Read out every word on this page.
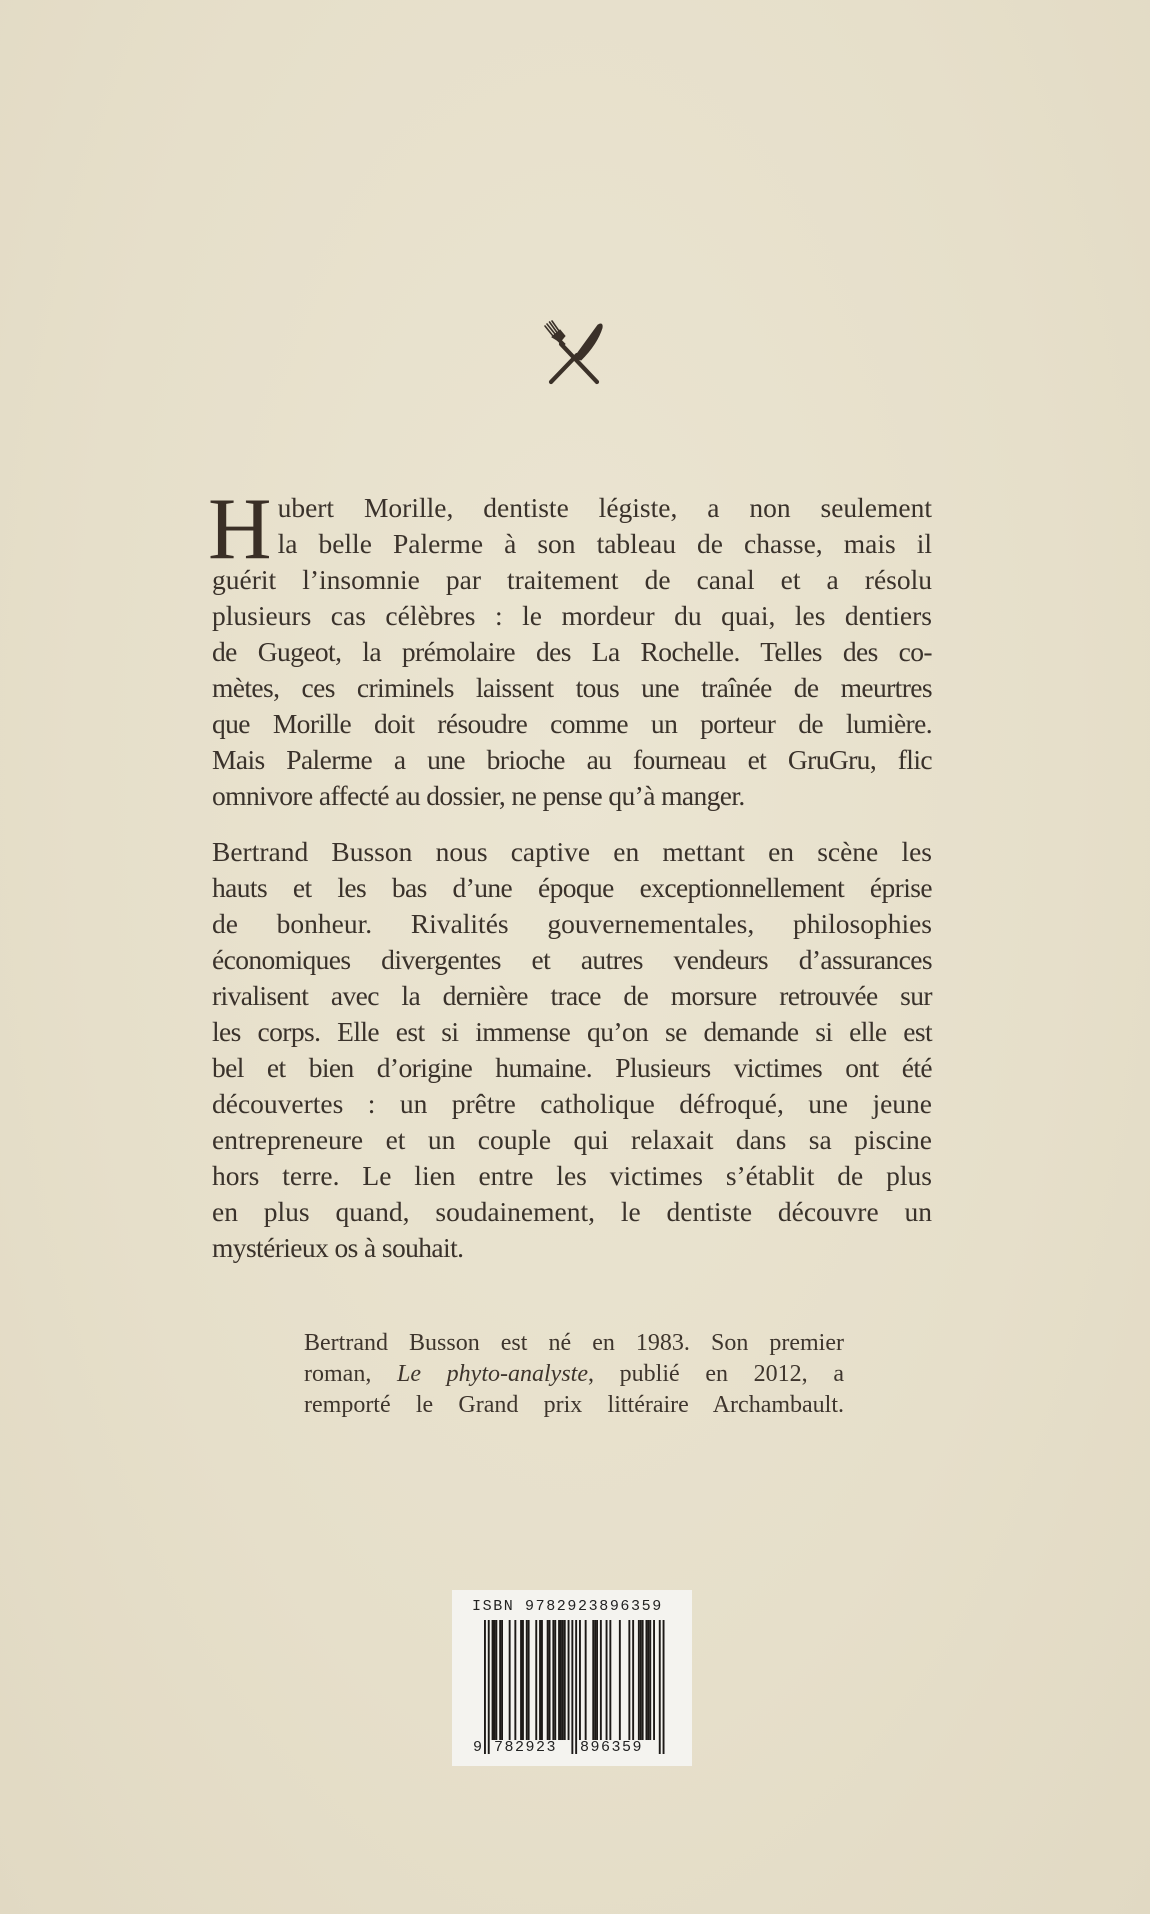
H ubert Morille, dentiste légiste, a non seulement
la belle Palerme à son tableau de chasse, mais il
guérit l’insomnie par traitement de canal et a résolu
plusieurs cas célèbres : le mordeur du quai, les dentiers
de Gugeot, la prémolaire des La Rochelle. Telles des co-
mètes, ces criminels laissent tous une traînée de meurtres
que Morille doit résoudre comme un porteur de lumière.
Mais Palerme a une brioche au fourneau et GruGru, flic
omnivore affecté au dossier, ne pense qu’à manger.
Bertrand Busson nous captive en mettant en scène les
hauts et les bas d’une époque exceptionnellement éprise
de bonheur. Rivalités gouvernementales, philosophies
économiques divergentes et autres vendeurs d’assurances
rivalisent avec la dernière trace de morsure retrouvée sur
les corps. Elle est si immense qu’on se demande si elle est
bel et bien d’origine humaine. Plusieurs victimes ont été
découvertes : un prêtre catholique défroqué, une jeune
entrepreneure et un couple qui relaxait dans sa piscine
hors terre. Le lien entre les victimes s’établit de plus
en plus quand, soudainement, le dentiste découvre un
mystérieux os à souhait.
Bertrand Busson est né en 1983. Son premier
roman, Le phyto-analyste, publié en 2012, a
remporté le Grand prix littéraire Archambault.
ISBN 9782923896359
9 782923 896359
